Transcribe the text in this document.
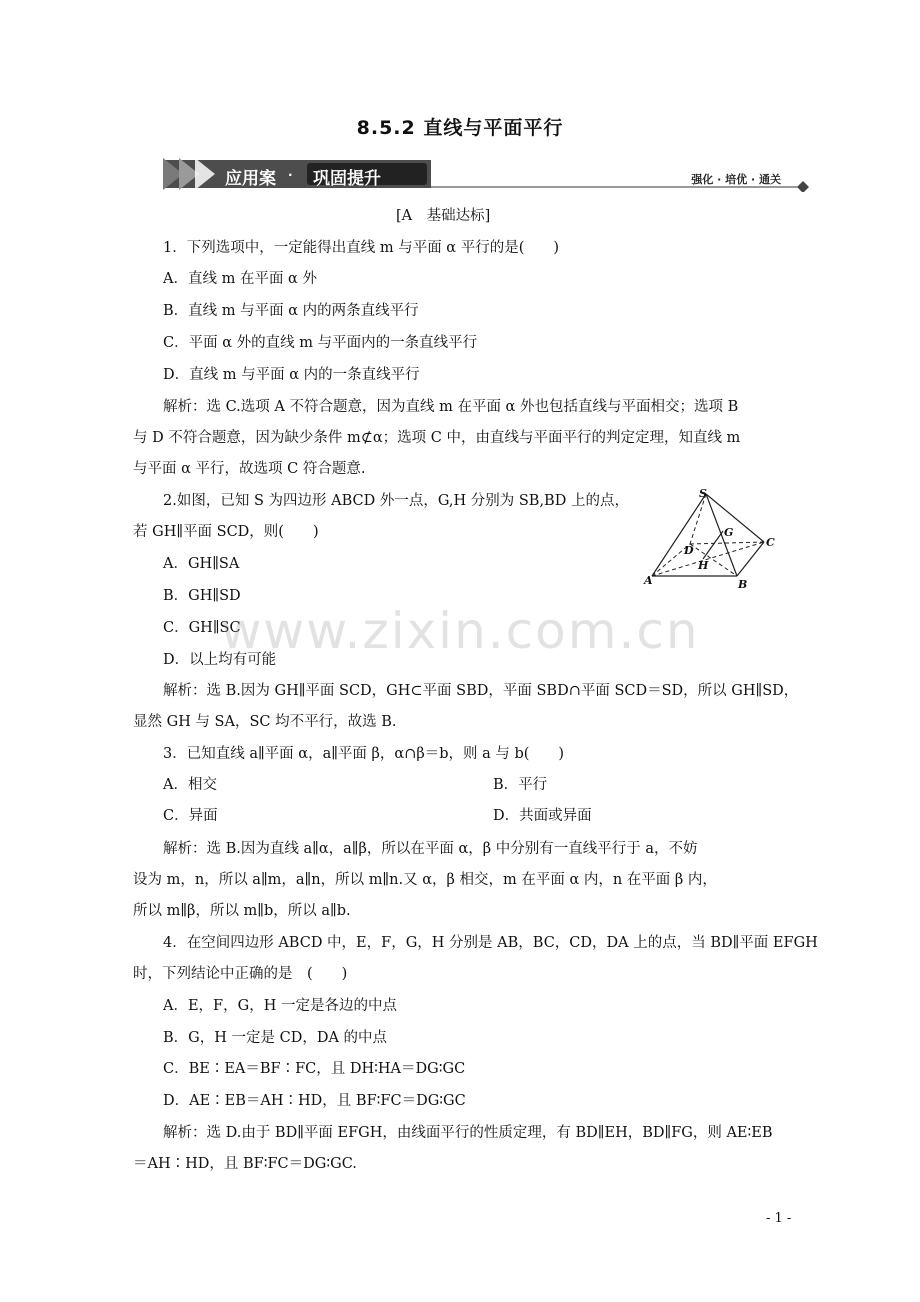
8.5.2 直线与平面平行
应用案 · 巩固提升	强化 · 培优 · 通关
[A　基础达标]
1．下列选项中，一定能得出直线 m 与平面 α 平行的是(　　)
A．直线 m 在平面 α 外
B．直线 m 与平面 α 内的两条直线平行
C．平面 α 外的直线 m 与平面内的一条直线平行
D．直线 m 与平面 α 内的一条直线平行
解析：选 C.选项 A 不符合题意，因为直线 m 在平面 α 外也包括直线与平面相交；选项 B
与 D 不符合题意，因为缺少条件 m⊄α；选项 C 中，由直线与平面平行的判定定理，知直线 m
与平面 α 平行，故选项 C 符合题意.
2.如图，已知 S 为四边形 ABCD 外一点，G,H 分别为 SB,BD 上的点，
若 GH∥平面 SCD，则(　　)
A．GH∥SA
B．GH∥SD
C．GH∥SC
D．以上均有可能
解析：选 B.因为 GH∥平面 SCD，GH⊂平面 SBD，平面 SBD∩平面 SCD＝SD，所以 GH∥SD，
显然 GH 与 SA，SC 均不平行，故选 B.
S
A	B
C
D
G
H
3．已知直线 a∥平面 α，a∥平面 β，α∩β＝b，则 a 与 b(　　)
A．相交	B．平行
C．异面	D．共面或异面
解析：选 B.因为直线 a∥α，a∥β，所以在平面 α，β 中分别有一直线平行于 a，不妨
设为 m，n，所以 a∥m，a∥n，所以 m∥n.又 α，β 相交，m 在平面 α 内，n 在平面 β 内，
所以 m∥β，所以 m∥b，所以 a∥b.
4．在空间四边形 ABCD 中，E，F，G，H 分别是 AB，BC，CD，DA 上的点，当 BD∥平面 EFGH
时，下列结论中正确的是　(　　)
A．E，F，G，H 一定是各边的中点
B．G，H 一定是 CD，DA 的中点
C．BE∶EA＝BF∶FC，且 DH∶HA＝DG∶GC
D．AE∶EB＝AH∶HD，且 BF∶FC＝DG∶GC
解析：选 D.由于 BD∥平面 EFGH，由线面平行的性质定理，有 BD∥EH，BD∥FG，则 AE∶EB
＝AH∶HD，且 BF∶FC＝DG∶GC.
www.zixin.com.cn
- 1 -
